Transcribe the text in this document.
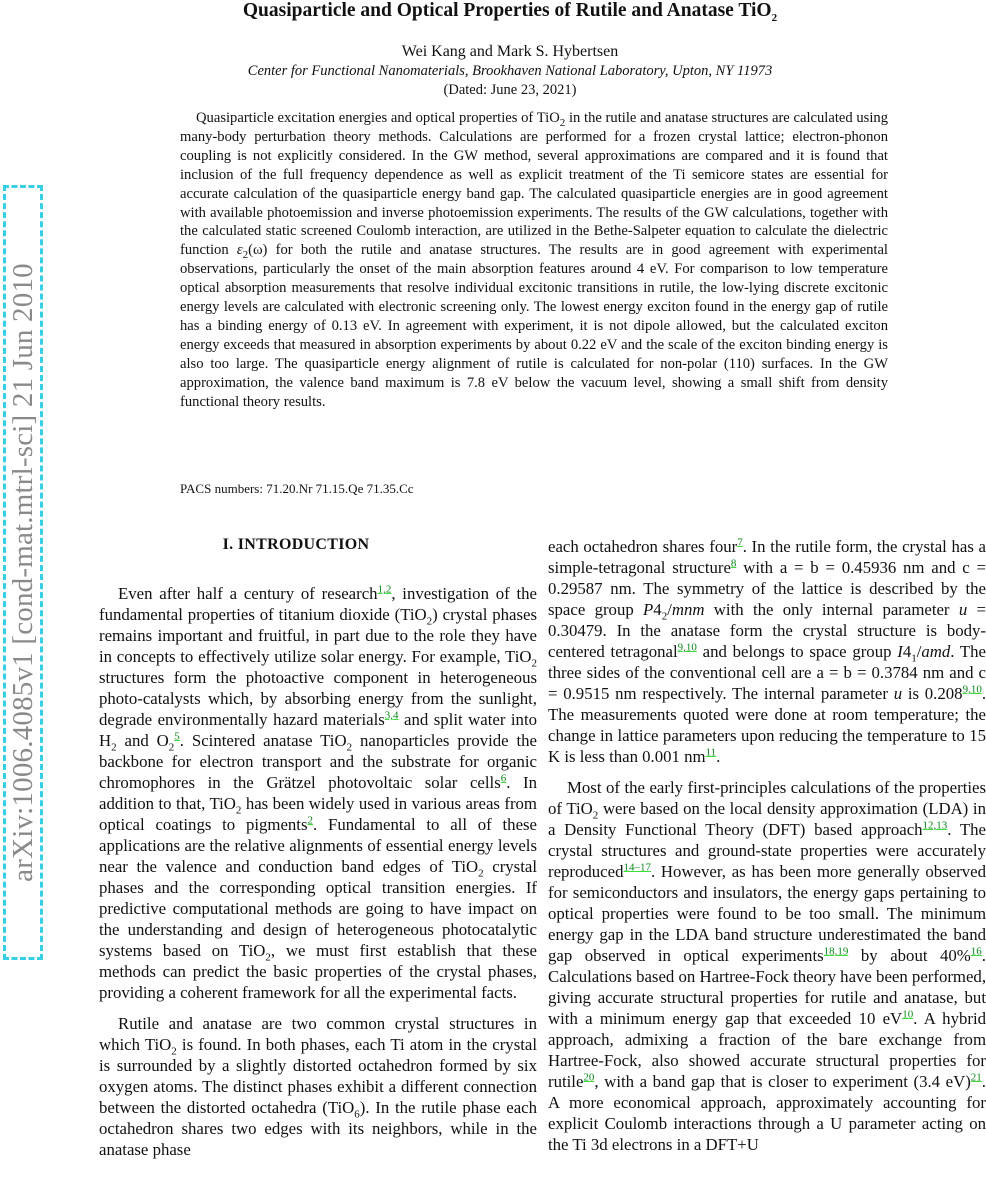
arXiv:1006.4085v1 [cond-mat.mtrl-sci] 21 Jun 2010
Quasiparticle and Optical Properties of Rutile and Anatase TiO$_2$
Wei Kang and Mark S. Hybertsen
Center for Functional Nanomaterials, Brookhaven National Laboratory, Upton, NY 11973
(Dated: June 23, 2021)

Quasiparticle excitation energies and optical properties of TiO$_2$ in the rutile and anatase structures are calculated using many-body perturbation theory methods. Calculations are performed for a frozen crystal lattice; electron-phonon coupling is not explicitly considered. In the GW method, several approximations are compared and it is found that inclusion of the full frequency dependence as well as explicit treatment of the Ti semicore states are essential for accurate calculation of the quasiparticle energy band gap. The calculated quasiparticle energies are in good agreement with available photoemission and inverse photoemission experiments. The results of the GW calculations, together with the calculated static screened Coulomb interaction, are utilized in the Bethe-Salpeter equation to calculate the dielectric function $\varepsilon_2(\omega)$ for both the rutile and anatase structures. The results are in good agreement with experimental observations, particularly the onset of the main absorption features around 4 eV. For comparison to low temperature optical absorption measurements that resolve individual excitonic transitions in rutile, the low-lying discrete excitonic energy levels are calculated with electronic screening only. The lowest energy exciton found in the energy gap of rutile has a binding energy of 0.13 eV. In agreement with experiment, it is not dipole allowed, but the calculated exciton energy exceeds that measured in absorption experiments by about 0.22 eV and the scale of the exciton binding energy is also too large. The quasiparticle energy alignment of rutile is calculated for non-polar (110) surfaces. In the GW approximation, the valence band maximum is 7.8 eV below the vacuum level, showing a small shift from density functional theory results.

PACS numbers: 71.20.Nr 71.15.Qe 71.35.Cc
I. INTRODUCTION

Even after half a century of research$^{1,2}$, investigation of the fundamental properties of titanium dioxide (TiO$_2$) crystal phases remains important and fruitful, in part due to the role they have in concepts to effectively utilize solar energy. For example, TiO$_2$ structures form the photoactive component in heterogeneous photo-catalysts which, by absorbing energy from the sunlight, degrade environmentally hazard materials$^{3,4}$ and split water into $H_2$ and $O_2^5$. Scintered anatase TiO$_2$ nanoparticles provide the backbone for electron transport and the substrate for organic chromophores in the Grätzel photovoltaic solar cells$^6$. In addition to that, TiO$_2$ has been widely used in various areas from optical coatings to pigments$^2$. Fundamental to all of these applications are the relative alignments of essential energy levels near the valence and conduction band edges of TiO$_2$ crystal phases and the corresponding optical transition energies. If predictive computational methods are going to have impact on the understanding and design of heterogeneous photocatalytic systems based on TiO$_2$, we must first establish that these methods can predict the basic properties of the crystal phases, providing a coherent framework for all the experimental facts.

Rutile and anatase are two common crystal structures in which TiO$_2$ is found. In both phases, each Ti atom in the crystal is surrounded by a slightly distorted octahedron formed by six oxygen atoms. The distinct phases exhibit a different connection between the distorted octahedra (TiO$_6$). In the rutile phase each octahedron shares two edges with its neighbors, while in the anatase phase

each octahedron shares four$^7$. In the rutile form, the crystal has a simple-tetragonal structure$^8$ with a = b = 0.45936 nm and c = 0.29587 nm. The symmetry of the lattice is described by the space group $P4_2$/mnm with the only internal parameter u = 0.30479. In the anatase form the crystal structure is body-centered tetragonal$^{9,10}$ and belongs to space group $I4_1$/amd. The three sides of the conventional cell are a = b = 0.3784 nm and c = 0.9515 nm respectively. The internal parameter u is 0.208$^{9,10}$. The measurements quoted were done at room temperature; the change in lattice parameters upon reducing the temperature to 15 K is less than 0.001 nm$^{11}$.

Most of the early first-principles calculations of the properties of TiO$_2$ were based on the local density approximation (LDA) in a Density Functional Theory (DFT) based approach$^{12,13}$. The crystal structures and ground-state properties were accurately reproduced$^{14-17}$. However, as has been more generally observed for semiconductors and insulators, the energy gaps pertaining to optical properties were found to be too small. The minimum energy gap in the LDA band structure underestimated the band gap observed in optical experiments$^{18,19}$ by about 40%$^{16}$. Calculations based on Hartree-Fock theory have been performed, giving accurate structural properties for rutile and anatase, but with a minimum energy gap that exceeded 10 eV$^{10}$. A hybrid approach, admixing a fraction of the bare exchange from Hartree-Fock, also showed accurate structural properties for rutile$^{20}$, with a band gap that is closer to experiment (3.4 eV)$^{21}$. A more economical approach, approximately accounting for explicit Coulomb interactions through a U parameter acting on the Ti 3d electrons in a DFT+U
